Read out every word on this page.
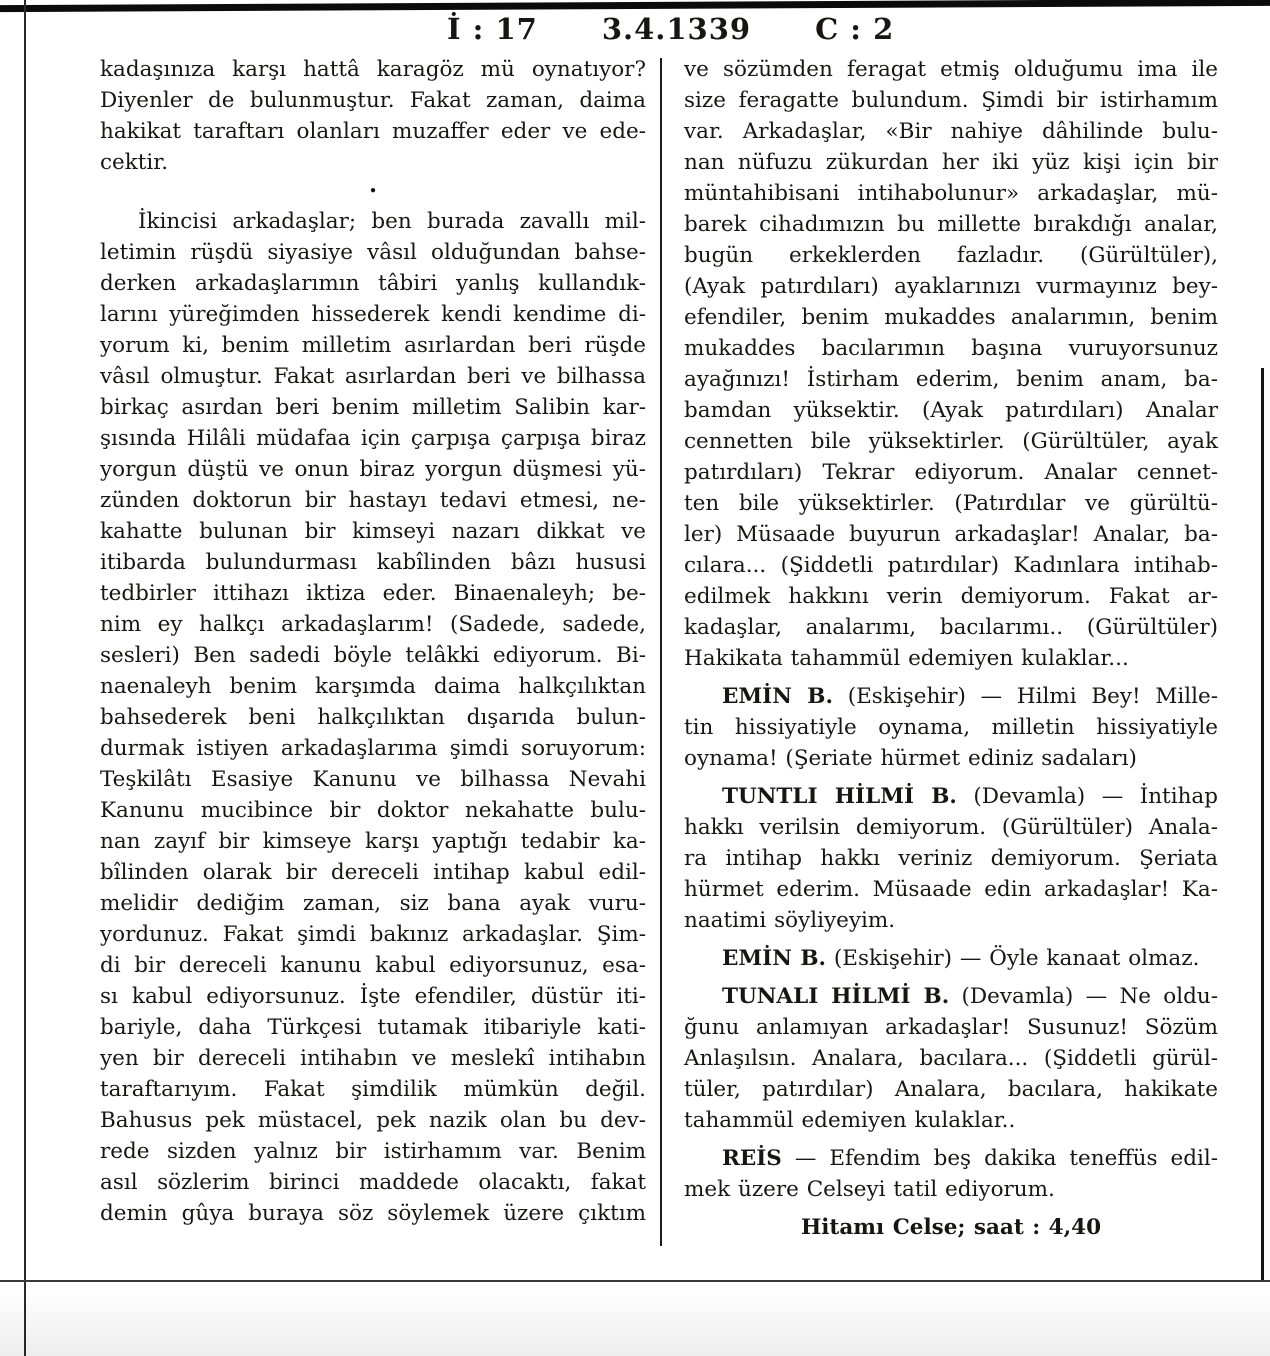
İ : 17 3.4.1339 C : 2
kadaşınıza karşı hattâ karagöz mü oynatıyor?
Diyenler de bulunmuştur. Fakat zaman, daima
hakikat taraftarı olanları muzaffer eder ve ede-
cektir.
•
İkincisi arkadaşlar; ben burada zavallı mil-
letimin rüşdü siyasiye vâsıl olduğundan bahse-
derken arkadaşlarımın tâbiri yanlış kullandık-
larını yüreğimden hissederek kendi kendime di-
yorum ki, benim milletim asırlardan beri rüşde
vâsıl olmuştur. Fakat asırlardan beri ve bilhassa
birkaç asırdan beri benim milletim Salibin kar-
şısında Hilâli müdafaa için çarpışa çarpışa biraz
yorgun düştü ve onun biraz yorgun düşmesi yü-
zünden doktorun bir hastayı tedavi etmesi, ne-
kahatte bulunan bir kimseyi nazarı dikkat ve
itibarda bulundurması kabîlinden bâzı hususi
tedbirler ittihazı iktiza eder. Binaenaleyh; be-
nim ey halkçı arkadaşlarım! (Sadede, sadede,
sesleri) Ben sadedi böyle telâkki ediyorum. Bi-
naenaleyh benim karşımda daima halkçılıktan
bahsederek beni halkçılıktan dışarıda bulun-
durmak istiyen arkadaşlarıma şimdi soruyorum:
Teşkilâtı Esasiye Kanunu ve bilhassa Nevahi
Kanunu mucibince bir doktor nekahatte bulu-
nan zayıf bir kimseye karşı yaptığı tedabir ka-
bîlinden olarak bir dereceli intihap kabul edil-
melidir dediğim zaman, siz bana ayak vuru-
yordunuz. Fakat şimdi bakınız arkadaşlar. Şim-
di bir dereceli kanunu kabul ediyorsunuz, esa-
sı kabul ediyorsunuz. İşte efendiler, düstür iti-
bariyle, daha Türkçesi tutamak itibariyle kati-
yen bir dereceli intihabın ve meslekî intihabın
taraftarıyım. Fakat şimdilik mümkün değil.
Bahusus pek müstacel, pek nazik olan bu dev-
rede sizden yalnız bir istirhamım var. Benim
asıl sözlerim birinci maddede olacaktı, fakat
demin gûya buraya söz söylemek üzere çıktım
ve sözümden feragat etmiş olduğumu ima ile
size feragatte bulundum. Şimdi bir istirhamım
var. Arkadaşlar, «Bir nahiye dâhilinde bulu-
nan nüfuzu zükurdan her iki yüz kişi için bir
müntahibisani intihabolunur» arkadaşlar, mü-
barek cihadımızın bu millette bırakdığı analar,
bugün erkeklerden fazladır. (Gürültüler),
(Ayak patırdıları) ayaklarınızı vurmayınız bey-
efendiler, benim mukaddes analarımın, benim
mukaddes bacılarımın başına vuruyorsunuz
ayağınızı! İstirham ederim, benim anam, ba-
bamdan yüksektir. (Ayak patırdıları) Analar
cennetten bile yüksektirler. (Gürültüler, ayak
patırdıları) Tekrar ediyorum. Analar cennet-
ten bile yüksektirler. (Patırdılar ve gürültü-
ler) Müsaade buyurun arkadaşlar! Analar, ba-
cılara... (Şiddetli patırdılar) Kadınlara intihab-
edilmek hakkını verin demiyorum. Fakat ar-
kadaşlar, analarımı, bacılarımı.. (Gürültüler)
Hakikata tahammül edemiyen kulaklar...
EMİN B. (Eskişehir) — Hilmi Bey! Mille-
tin hissiyatiyle oynama, milletin hissiyatiyle
oynama! (Şeriate hürmet ediniz sadaları)
TUNTLI HİLMİ B. (Devamla) — İntihap
hakkı verilsin demiyorum. (Gürültüler) Anala-
ra intihap hakkı veriniz demiyorum. Şeriata
hürmet ederim. Müsaade edin arkadaşlar! Ka-
naatimi söyliyeyim.
EMİN B. (Eskişehir) — Öyle kanaat olmaz.
TUNALI HİLMİ B. (Devamla) — Ne oldu-
ğunu anlamıyan arkadaşlar! Susunuz! Sözüm
Anlaşılsın. Analara, bacılara... (Şiddetli gürül-
tüler, patırdılar) Analara, bacılara, hakikate
tahammül edemiyen kulaklar..
REİS — Efendim beş dakika teneffüs edil-
mek üzere Celseyi tatil ediyorum.
Hitamı Celse; saat : 4,40
